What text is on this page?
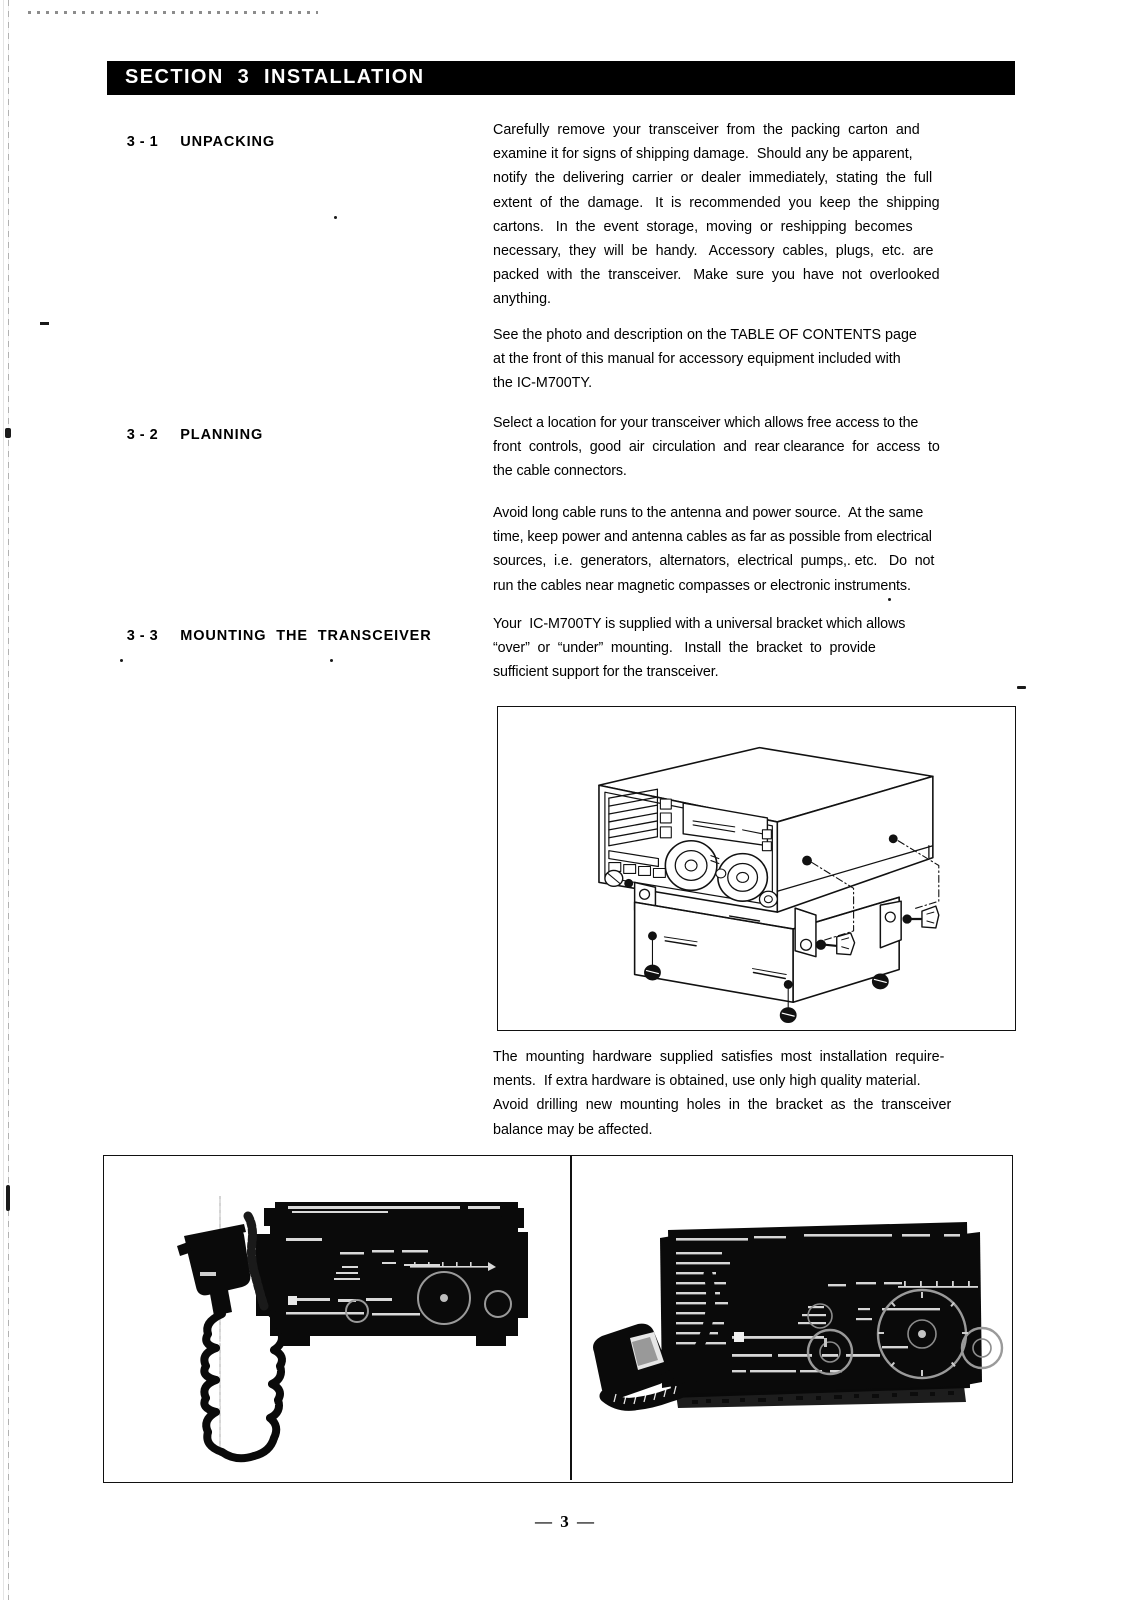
SECTION  3  INSTALLATION

3 - 1 UNPACKING

Carefully  remove  your  transceiver  from  the  packing  carton  and
examine it for signs of shipping damage.  Should any be apparent,
notify  the  delivering  carrier  or  dealer  immediately,  stating  the  full
extent  of  the  damage.   It  is  recommended  you  keep  the  shipping
cartons.   In  the  event  storage,  moving  or  reshipping  becomes
necessary,  they  will  be  handy.   Accessory  cables,  plugs,  etc.  are
packed  with  the  transceiver.   Make  sure  you  have  not  overlooked
anything.
See the photo and description on the TABLE OF CONTENTS page
at the front of this manual for accessory equipment included with
the IC-M700TY.

3 - 2 PLANNING

Select a location for your transceiver which allows free access to the
front  controls,  good  air  circulation  and  rear clearance  for  access  to
the cable connectors.
Avoid long cable runs to the antenna and power source.  At the same
time, keep power and antenna cables as far as possible from electrical
sources,  i.e.  generators,  alternators,  electrical  pumps,. etc.   Do  not
run the cables near magnetic compasses or electronic instruments.

3 - 3 MOUNTING  THE  TRANSCEIVER

Your  IC-M700TY is supplied with a universal bracket which allows
“over”  or  “under”  mounting.   Install  the  bracket  to  provide
sufficient support for the transceiver.
The  mounting  hardware  supplied  satisfies  most  installation  require-
ments.  If extra hardware is obtained, use only high quality material.
Avoid  drilling  new  mounting  holes  in  the  bracket  as  the  transceiver
balance may be affected.
— 3 —
